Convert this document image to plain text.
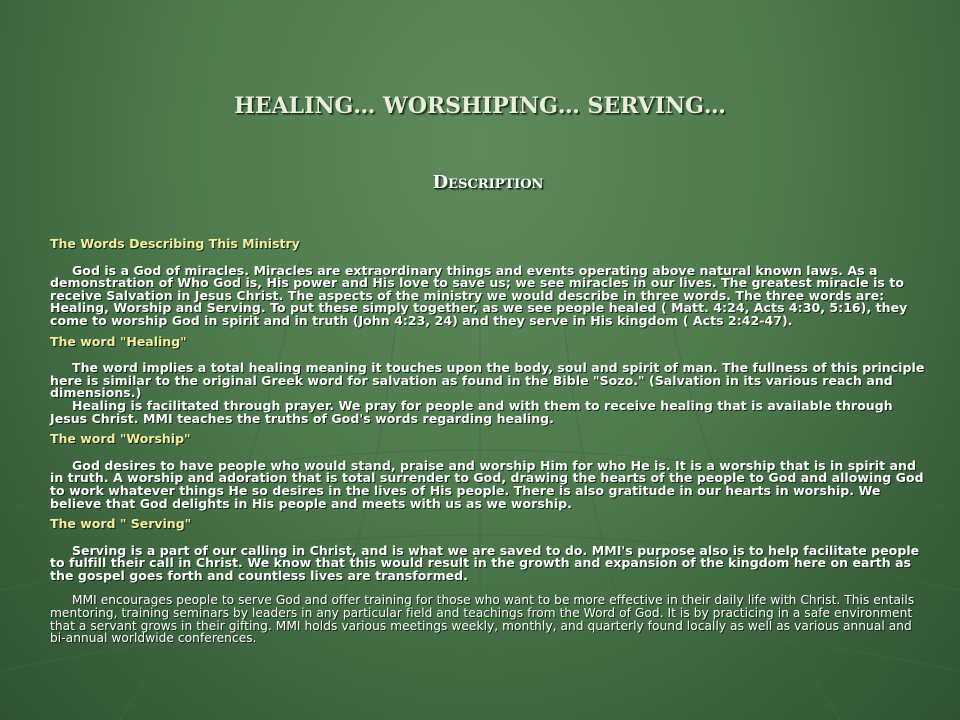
HEALING… WORSHIPING… SERVING…
Description

The Words Describing This Ministry

God is a God of miracles. Miracles are extraordinary things and events operating above natural known laws. As a demonstration of Who God is, His power and His love to save us; we see miracles in our lives. The greatest miracle is to receive Salvation in Jesus Christ. The aspects of the ministry we would describe in three words. The three words are: Healing, Worship and Serving. To put these simply together, as we see people healed ( Matt. 4:24, Acts 4:30, 5:16), they come to worship God in spirit and in truth (John 4:23, 24) and they serve in His kingdom ( Acts 2:42-47).

The word "Healing"

The word implies a total healing meaning it touches upon the body, soul and spirit of man. The fullness of this principle here is similar to the original Greek word for salvation as found in the Bible "Sozo." (Salvation in its various reach and dimensions.)

Healing is facilitated through prayer. We pray for people and with them to receive healing that is available through Jesus Christ. MMI teaches the truths of God's words regarding healing.

The word "Worship"

God desires to have people who would stand, praise and worship Him for who He is. It is a worship that is in spirit and in truth. A worship and adoration that is total surrender to God, drawing the hearts of the people to God and allowing God to work whatever things He so desires in the lives of His people. There is also gratitude in our hearts in worship. We believe that God delights in His people and meets with us as we worship.

The word " Serving"

Serving is a part of our calling in Christ, and is what we are saved to do. MMI's purpose also is to help facilitate people to fulfill their call in Christ. We know that this would result in the growth and expansion of the kingdom here on earth as the gospel goes forth and countless lives are transformed.

MMI encourages people to serve God and offer training for those who want to be more effective in their daily life with Christ. This entails mentoring, training seminars by leaders in any particular field and teachings from the Word of God. It is by practicing in a safe environment that a servant grows in their gifting. MMI holds various meetings weekly, monthly, and quarterly found locally as well as various annual and bi-annual worldwide conferences.
